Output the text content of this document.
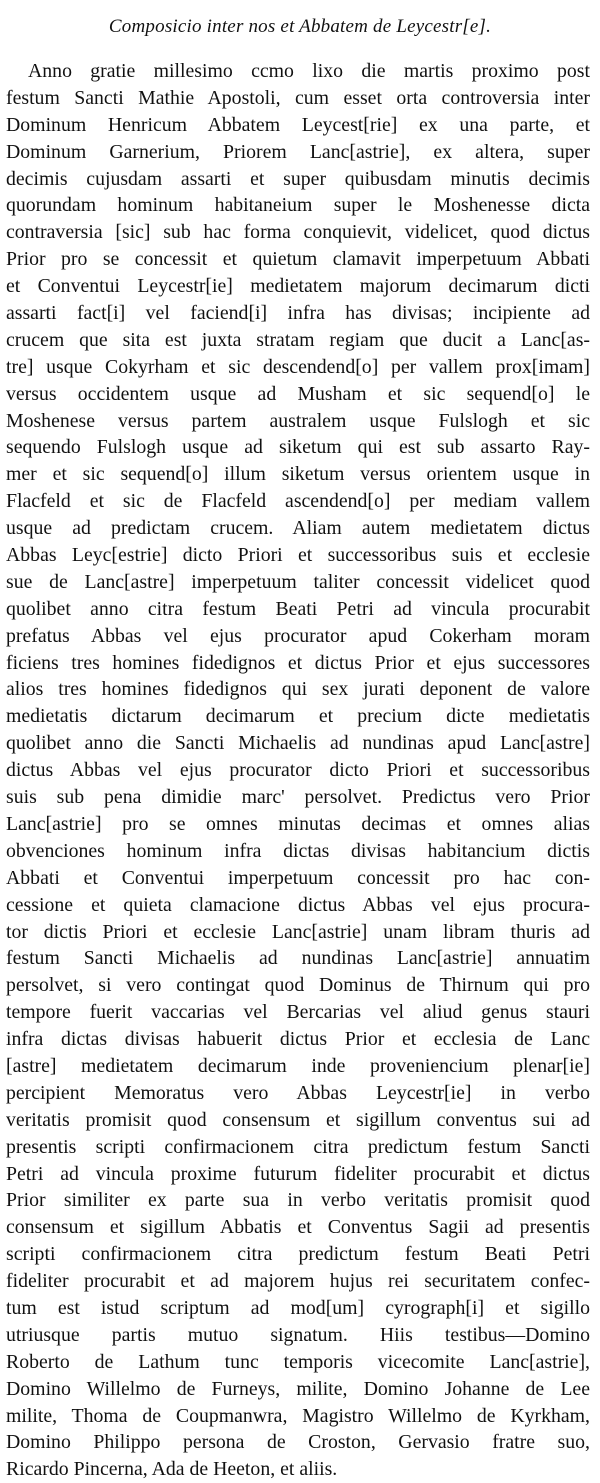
Composicio inter nos et Abbatem de Leycestr[e].
Anno gratie millesimo ccmo lixo die martis proximo post
festum Sancti Mathie Apostoli, cum esset orta controversia inter
Dominum Henricum Abbatem Leycest[rie] ex una parte, et
Dominum Garnerium, Priorem Lanc[astrie], ex altera, super
decimis cujusdam assarti et super quibusdam minutis decimis
quorundam hominum habitaneium super le Moshenesse dicta
contraversia [sic] sub hac forma conquievit, videlicet, quod dictus
Prior pro se concessit et quietum clamavit imperpetuum Abbati
et Conventui Leycestr[ie] medietatem majorum decimarum dicti
assarti fact[i] vel faciend[i] infra has divisas; incipiente ad
crucem que sita est juxta stratam regiam que ducit a Lanc[as-
tre] usque Cokyrham et sic descendend[o] per vallem prox[imam]
versus occidentem usque ad Musham et sic sequend[o] le
Moshenese versus partem australem usque Fulslogh et sic
sequendo Fulslogh usque ad siketum qui est sub assarto Ray-
mer et sic sequend[o] illum siketum versus orientem usque in
Flacfeld et sic de Flacfeld ascendend[o] per mediam vallem
usque ad predictam crucem. Aliam autem medietatem dictus
Abbas Leyc[estrie] dicto Priori et successoribus suis et ecclesie
sue de Lanc[astre] imperpetuum taliter concessit videlicet quod
quolibet anno citra festum Beati Petri ad vincula procurabit
prefatus Abbas vel ejus procurator apud Cokerham moram
ficiens tres homines fidedignos et dictus Prior et ejus successores
alios tres homines fidedignos qui sex jurati deponent de valore
medietatis dictarum decimarum et precium dicte medietatis
quolibet anno die Sancti Michaelis ad nundinas apud Lanc[astre]
dictus Abbas vel ejus procurator dicto Priori et successoribus
suis sub pena dimidie marc' persolvet. Predictus vero Prior
Lanc[astrie] pro se omnes minutas decimas et omnes alias
obvenciones hominum infra dictas divisas habitancium dictis
Abbati et Conventui imperpetuum concessit pro hac con-
cessione et quieta clamacione dictus Abbas vel ejus procura-
tor dictis Priori et ecclesie Lanc[astrie] unam libram thuris ad
festum Sancti Michaelis ad nundinas Lanc[astrie] annuatim
persolvet, si vero contingat quod Dominus de Thirnum qui pro
tempore fuerit vaccarias vel Bercarias vel aliud genus stauri
infra dictas divisas habuerit dictus Prior et ecclesia de Lanc
[astre] medietatem decimarum inde proveniencium plenar[ie]
percipient Memoratus vero Abbas Leycestr[ie] in verbo
veritatis promisit quod consensum et sigillum conventus sui ad
presentis scripti confirmacionem citra predictum festum Sancti
Petri ad vincula proxime futurum fideliter procurabit et dictus
Prior similiter ex parte sua in verbo veritatis promisit quod
consensum et sigillum Abbatis et Conventus Sagii ad presentis
scripti confirmacionem citra predictum festum Beati Petri
fideliter procurabit et ad majorem hujus rei securitatem confec-
tum est istud scriptum ad mod[um] cyrograph[i] et sigillo
utriusque partis mutuo signatum. Hiis testibus—Domino
Roberto de Lathum tunc temporis vicecomite Lanc[astrie],
Domino Willelmo de Furneys, milite, Domino Johanne de Lee
milite, Thoma de Coupmanwra, Magistro Willelmo de Kyrkham,
Domino Philippo persona de Croston, Gervasio fratre suo,
Ricardo Pincerna, Ada de Heeton, et aliis.
